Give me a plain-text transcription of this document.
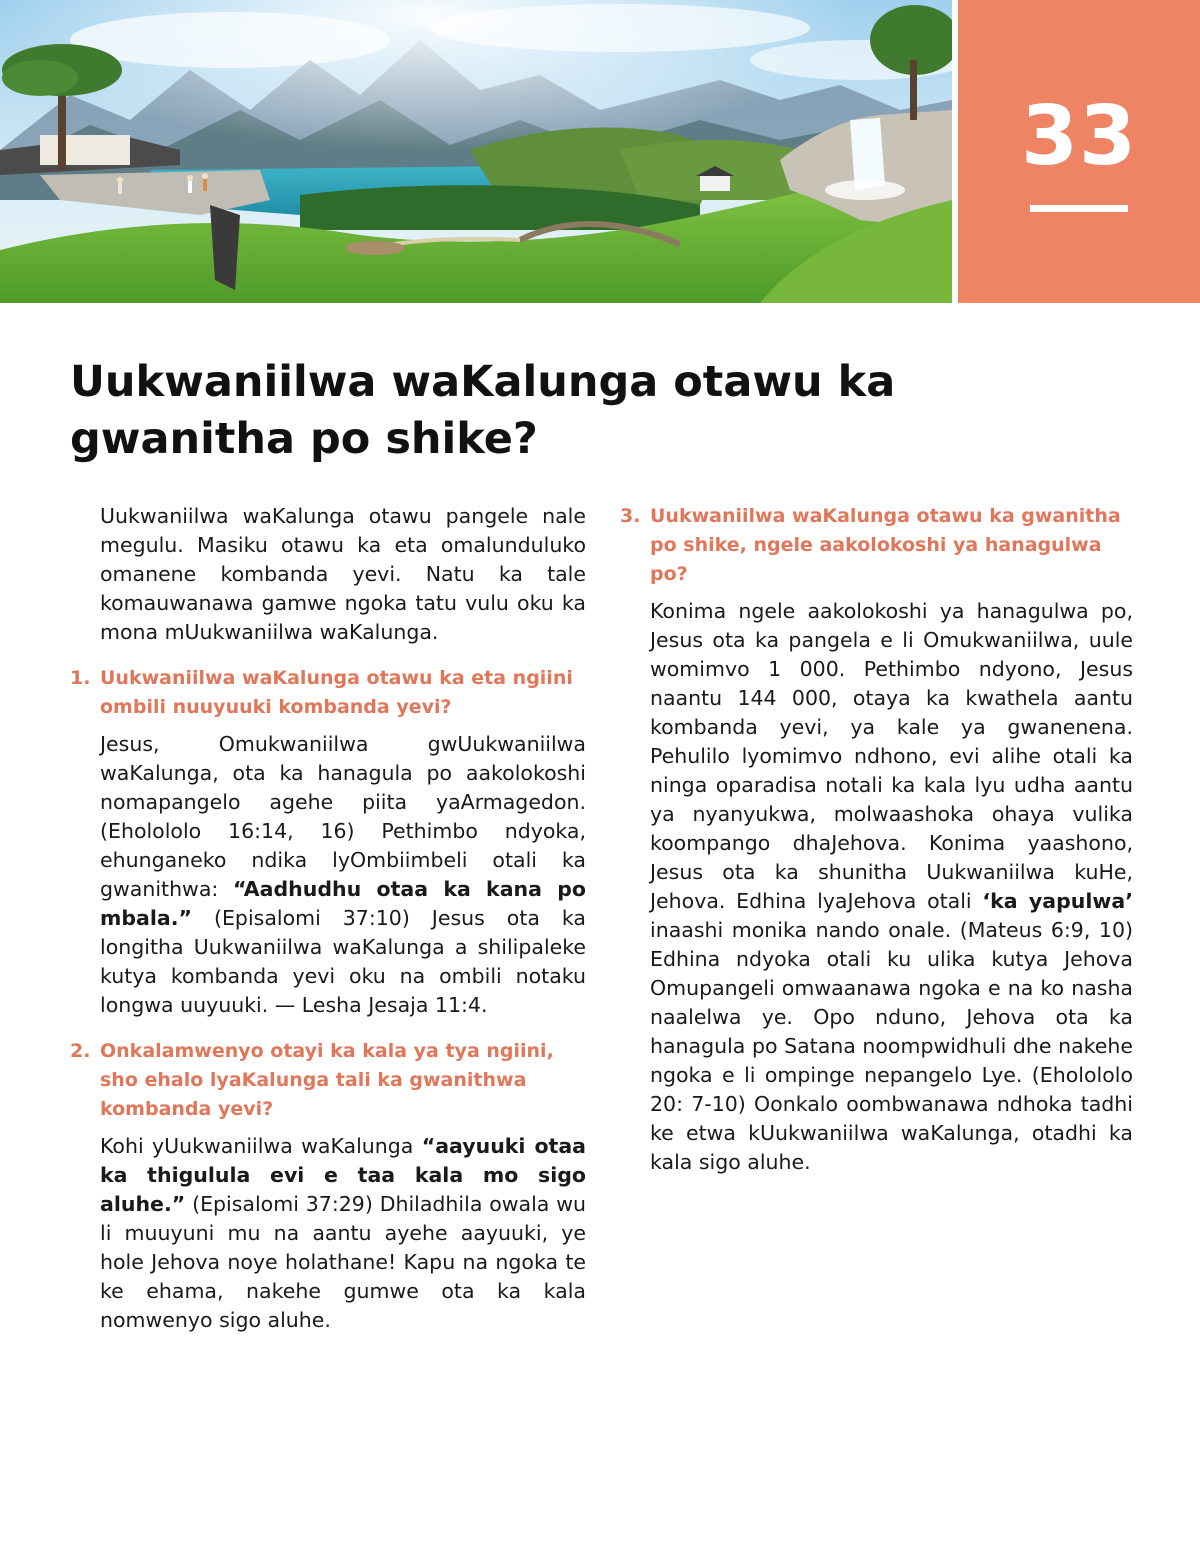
33
Uukwaniilwa waKalunga otawu ka gwanitha po shike?

Uukwaniilwa waKalunga otawu pangele nale megulu. Masiku otawu ka eta omalunduluko omanene kombanda yevi. Natu ka tale komauwanawa gamwe ngoka tatu vulu oku ka mona mUukwaniilwa waKalunga.

1. Uukwaniilwa waKalunga otawu ka eta ngiini ombili nuuyuuki kombanda yevi?

Jesus, Omukwaniilwa gwUukwaniilwa waKalunga, ota ka hanagula po aakolokoshi nomapangelo agehe piita yaArmagedon. (Eholololo 16:14, 16) Pethimbo ndyoka, ehunganeko ndika lyOmbiimbeli otali ka gwanithwa: “Aadhudhu otaa ka kana po mbala.” (Episalomi 37:10) Jesus ota ka longitha Uukwaniilwa waKalunga a shilipaleke kutya kombanda yevi oku na ombili notaku longwa uuyuuki. — Lesha Jesaja 11:4.

2. Onkalamwenyo otayi ka kala ya tya ngiini, sho ehalo lyaKalunga tali ka gwanithwa kombanda yevi?

Kohi yUukwaniilwa waKalunga “aayuuki otaa ka thigulula evi e taa kala mo sigo aluhe.” (Episalomi 37:29) Dhiladhila owala wu li muuyuni mu na aantu ayehe aayuuki, ye hole Jehova noye holathane! Kapu na ngoka te ke ehama, nakehe gumwe ota ka kala nomwenyo sigo aluhe.

3. Uukwaniilwa waKalunga otawu ka gwanitha po shike, ngele aakolokoshi ya hanagulwa po?

Konima ngele aakolokoshi ya hanagulwa po, Jesus ota ka pangela e li Omukwaniilwa, uule womimvo 1 000. Pethimbo ndyono, Jesus naantu 144 000, otaya ka kwathela aantu kombanda yevi, ya kale ya gwanenena. Pehulilo lyomimvo ndhono, evi alihe otali ka ninga oparadisa notali ka kala lyu udha aantu ya nyanyukwa, molwaashoka ohaya vulika koompango dhaJehova. Konima yaashono, Jesus ota ka shunitha Uukwaniilwa kuHe, Jehova. Edhina lyaJehova otali ‘ka yapulwa’ inaashi monika nando onale. (Mateus 6:9, 10) Edhina ndyoka otali ku ulika kutya Jehova Omupangeli omwaanawa ngoka e na ko nasha naalelwa ye. Opo nduno, Jehova ota ka hanagula po Satana noompwidhuli dhe nakehe ngoka e li ompinge nepangelo Lye. (Eholololo 20: 7-10) Oonkalo oombwanawa ndhoka tadhi ke etwa kUukwaniilwa waKalunga, otadhi ka kala sigo aluhe.
